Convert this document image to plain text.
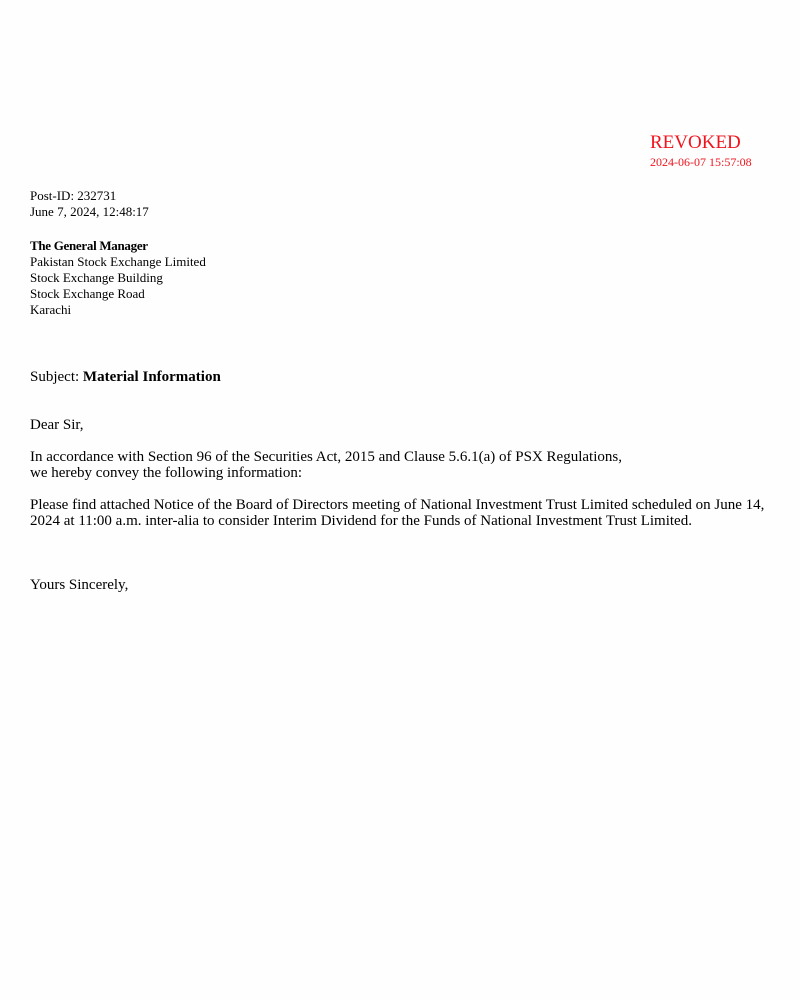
REVOKED
2024-06-07 15:57:08
Post-ID: 232731
June 7, 2024, 12:48:17
The General Manager
Pakistan Stock Exchange Limited
Stock Exchange Building
Stock Exchange Road
Karachi
Subject: Material Information
Dear Sir,
In accordance with Section 96 of the Securities Act, 2015 and Clause 5.6.1(a) of PSX Regulations,
we hereby convey the following information:
Please find attached Notice of the Board of Directors meeting of National Investment Trust Limited scheduled on June 14,
2024 at 11:00 a.m. inter-alia to consider Interim Dividend for the Funds of National Investment Trust Limited.
Yours Sincerely,
